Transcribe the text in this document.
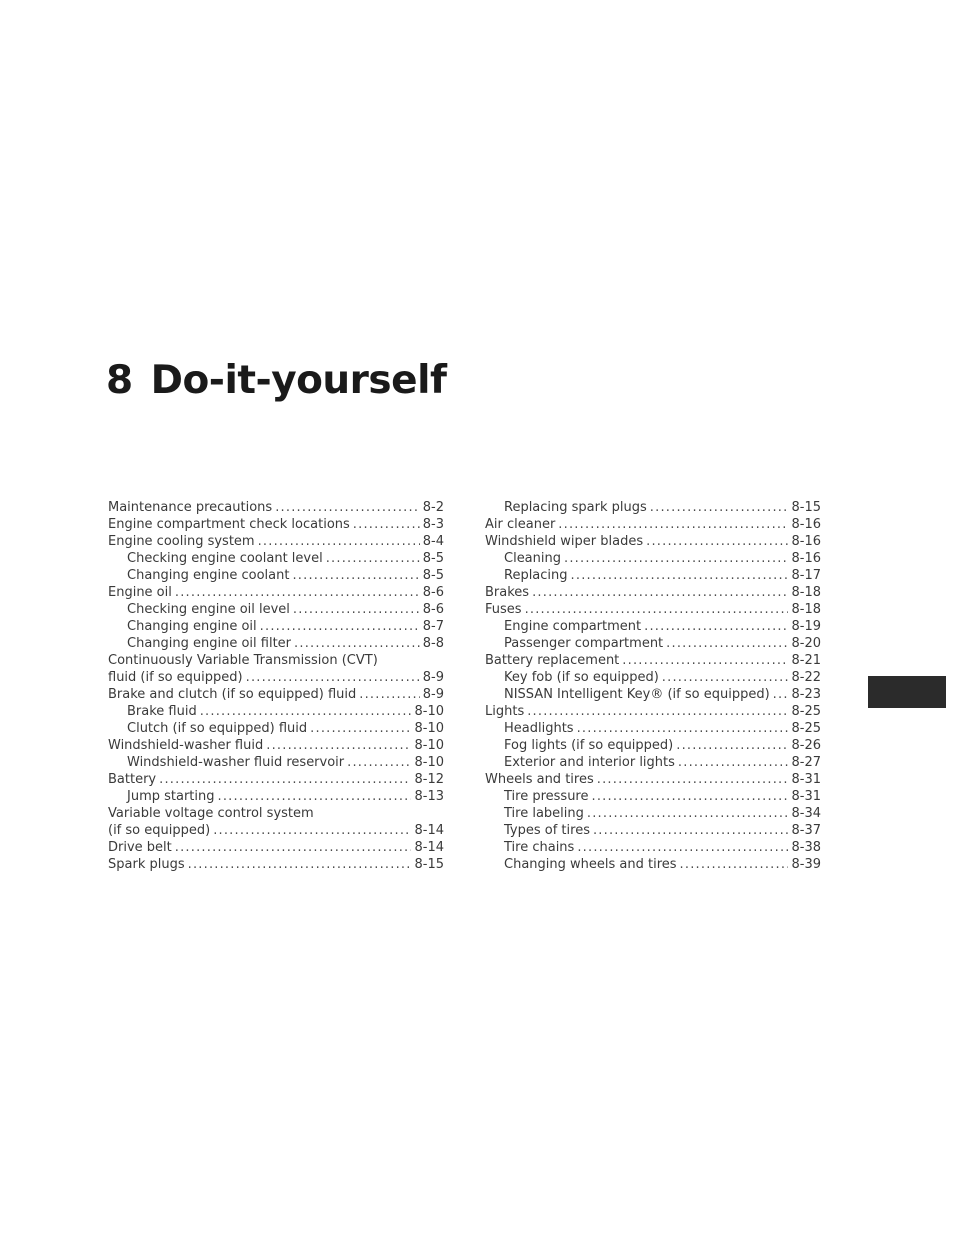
8 Do-it-yourself
Maintenance precautions .....	8-2
Engine compartment check locations .....	8-3
Engine cooling system .....	8-4
Checking engine coolant level .....	8-5
Changing engine coolant .....	8-5
Engine oil .....	8-6
Checking engine oil level .....	8-6
Changing engine oil .....	8-7
Changing engine oil filter .....	8-8
Continuously Variable Transmission (CVT)
fluid (if so equipped) .....	8-9
Brake and clutch (if so equipped) fluid .....	8-9
Brake fluid .....	8-10
Clutch (if so equipped) fluid .....	8-10
Windshield-washer fluid .....	8-10
Windshield-washer fluid reservoir .....	8-10
Battery .....	8-12
Jump starting .....	8-13
Variable voltage control system
(if so equipped) .....	8-14
Drive belt .....	8-14
Spark plugs .....	8-15
Replacing spark plugs .....	8-15
Air cleaner .....	8-16
Windshield wiper blades .....	8-16
Cleaning .....	8-16
Replacing .....	8-17
Brakes .....	8-18
Fuses .....	8-18
Engine compartment .....	8-19
Passenger compartment .....	8-20
Battery replacement .....	8-21
Key fob (if so equipped) .....	8-22
NISSAN Intelligent Key® (if so equipped) ..... 8-23
Lights .....	8-25
Headlights .....	8-25
Fog lights (if so equipped) .....	8-26
Exterior and interior lights .....	8-27
Wheels and tires .....	8-31
Tire pressure .....	8-31
Tire labeling .....	8-34
Types of tires .....	8-37
Tire chains .....	8-38
Changing wheels and tires .....	8-39
